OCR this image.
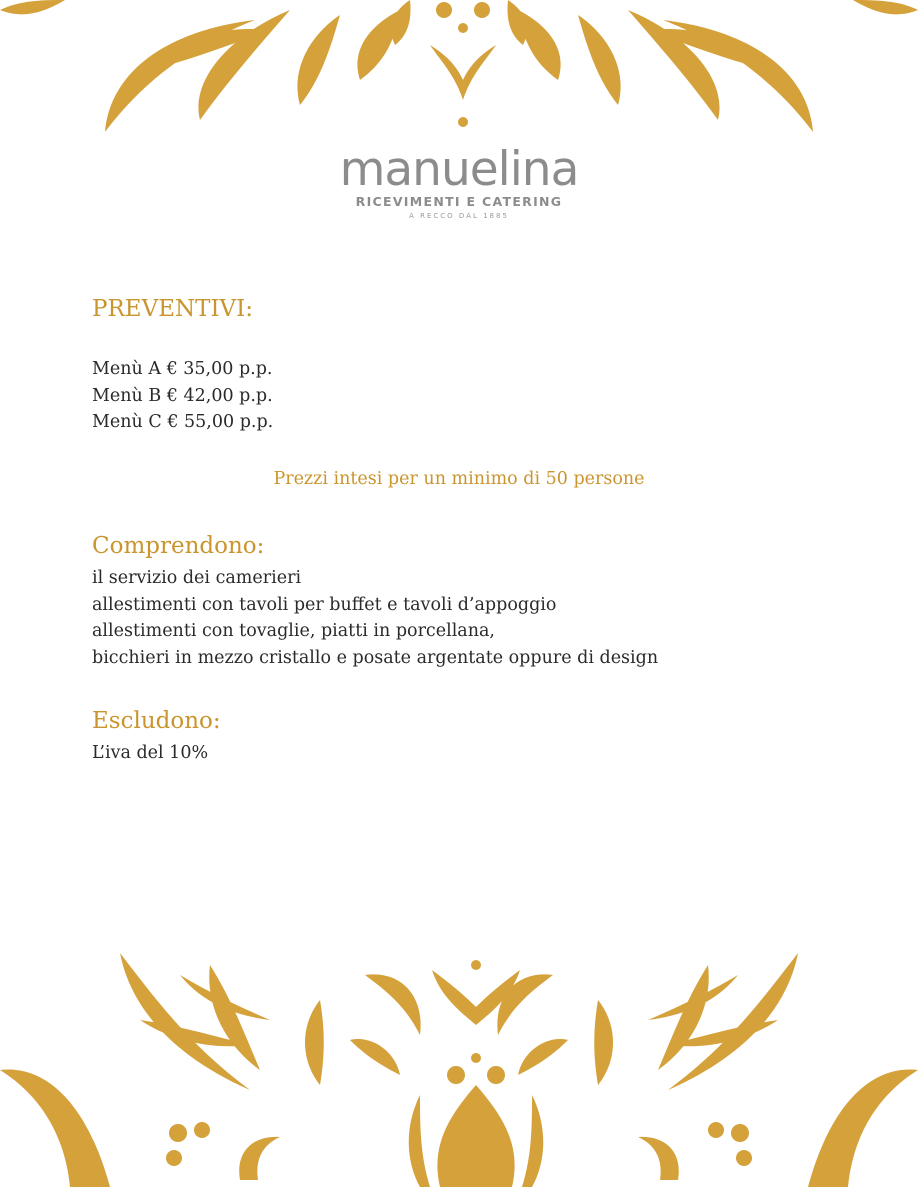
manuelina
RICEVIMENTI E CATERING
A RECCO DAL 1885
PREVENTIVI:
Menù A € 35,00 p.p.
Menù B € 42,00 p.p.
Menù C € 55,00 p.p.
Prezzi intesi per un minimo di 50 persone
Comprendono:
il servizio dei camerieri
allestimenti con tavoli per buffet e tavoli d’appoggio
allestimenti con tovaglie, piatti in porcellana,
bicchieri in mezzo cristallo e posate argentate oppure di design
Escludono:
L’iva del 10%
